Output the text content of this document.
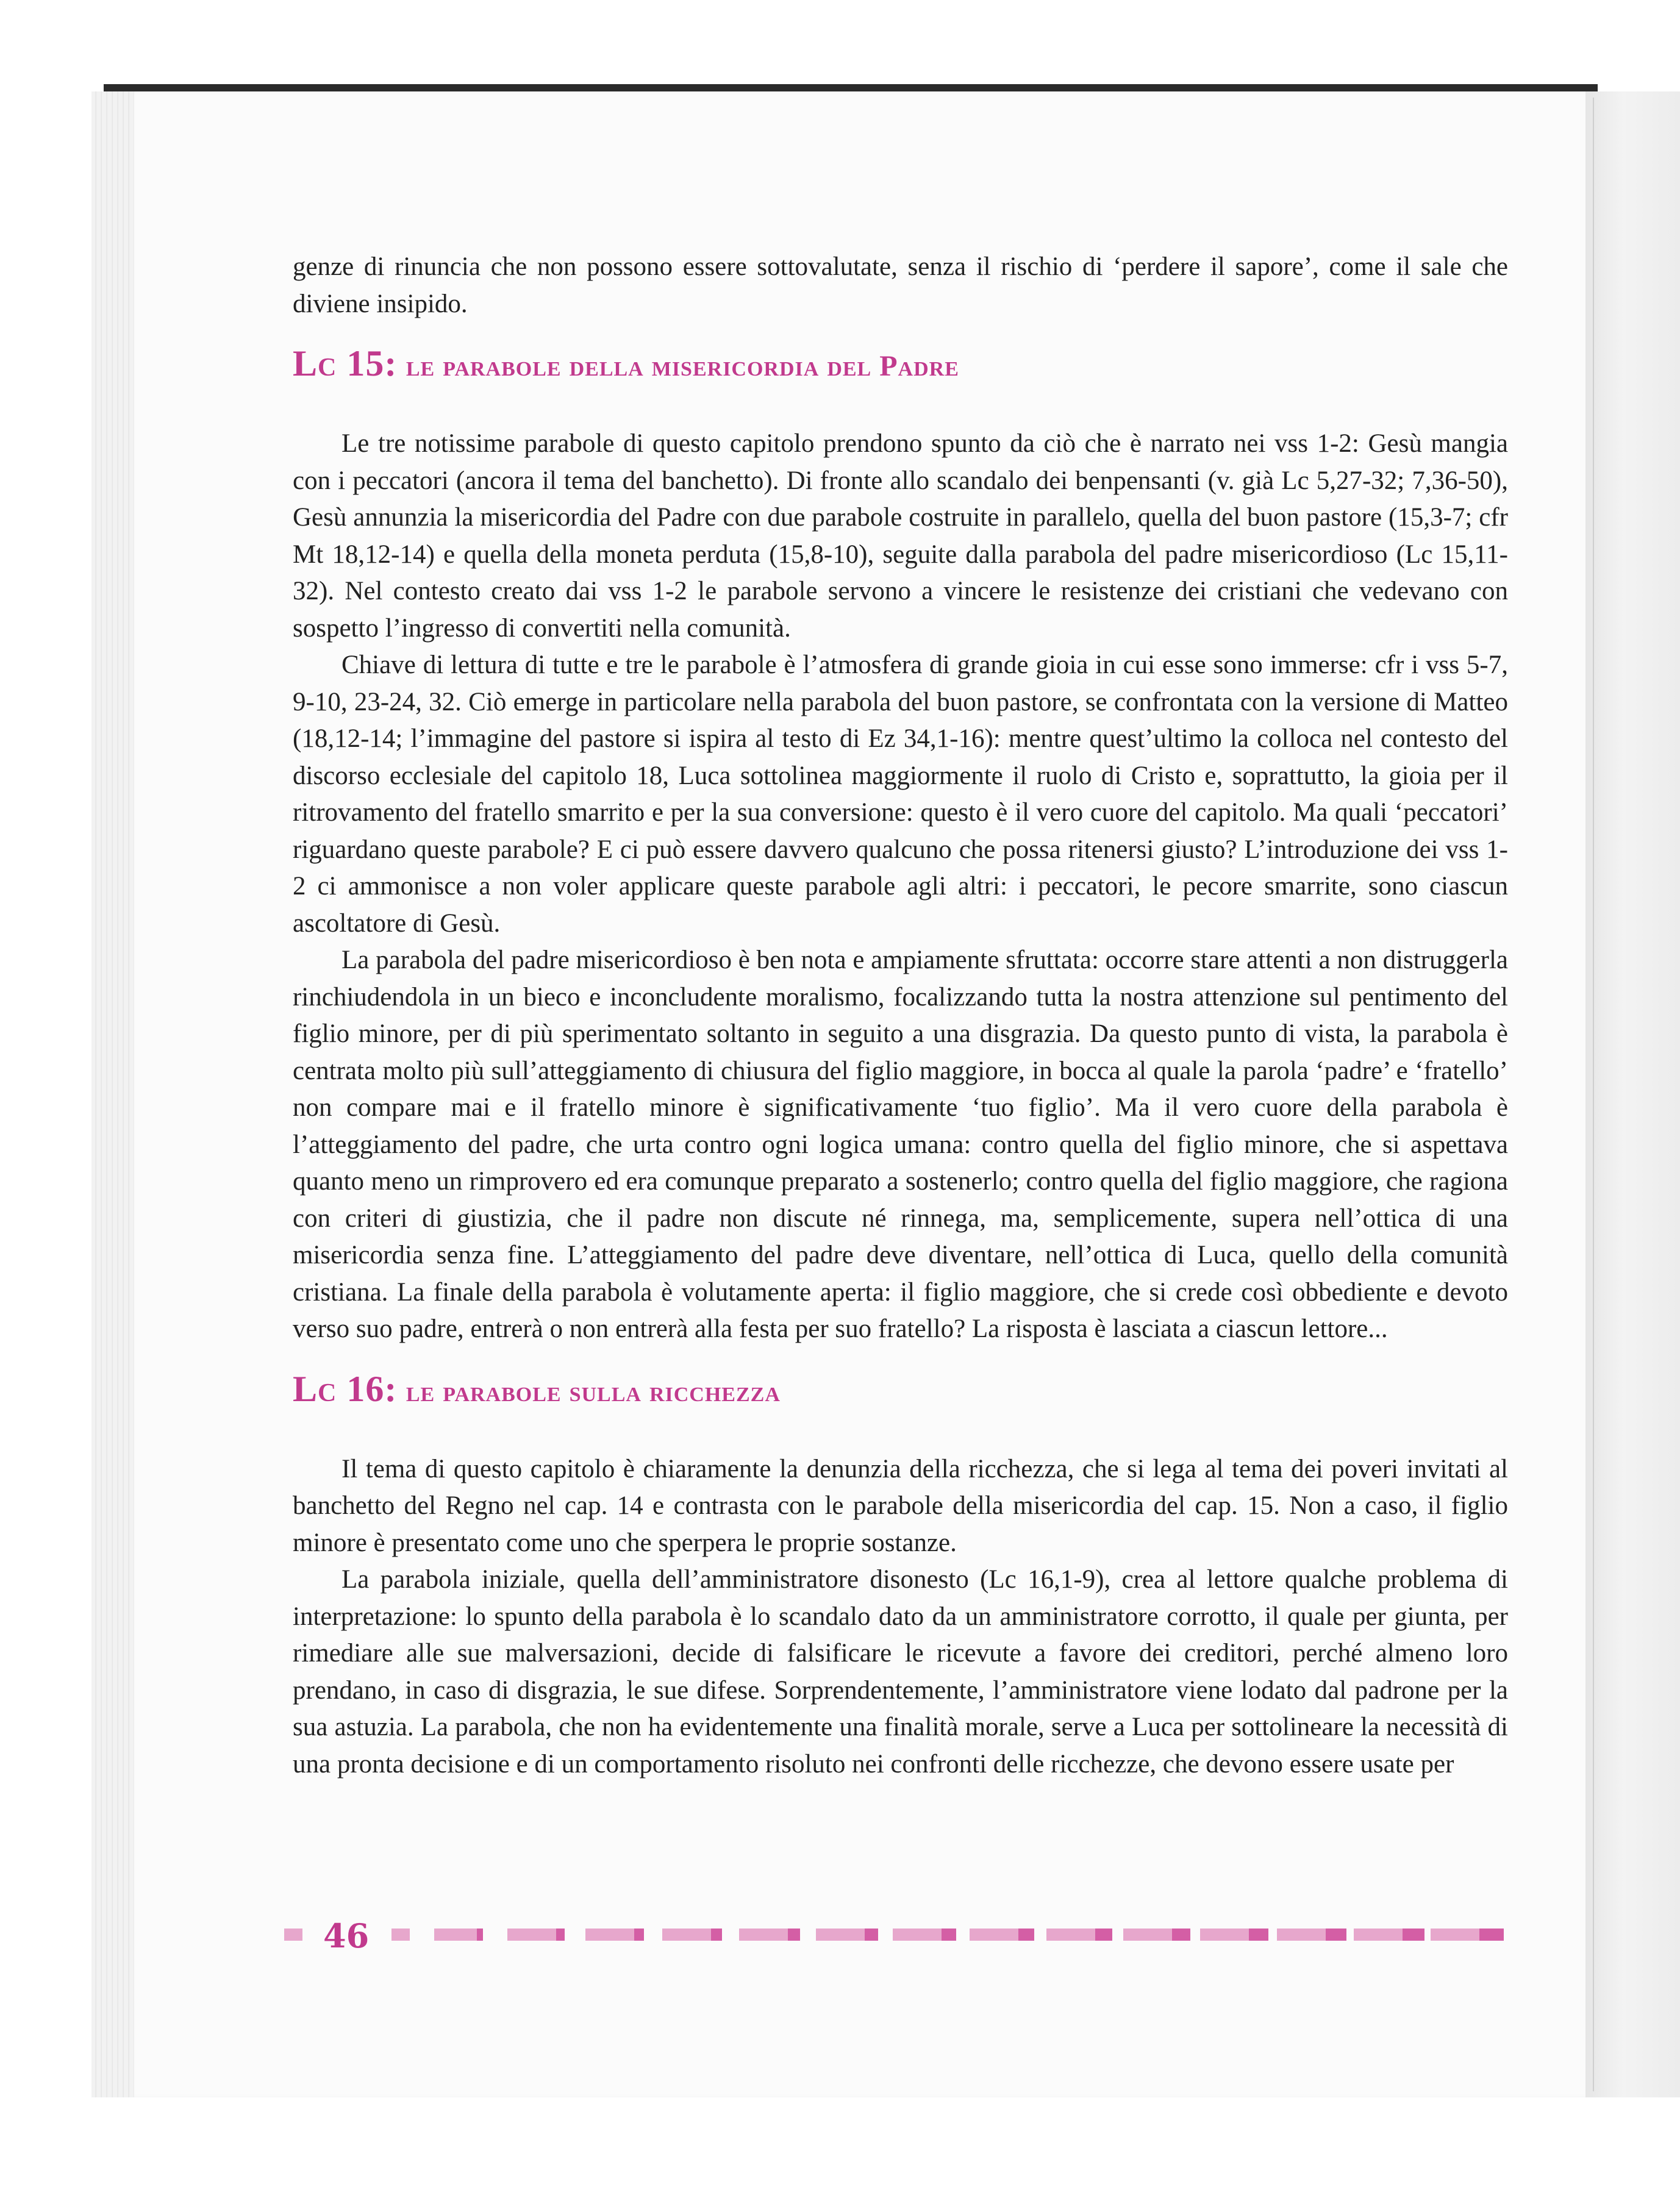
genze di rinuncia che non possono essere sottovalutate, senza il rischio di ‘perdere il sapore’, come il sale che diviene insipido.

Lc 15: le parabole della misericordia del Padre

Le tre notissime parabole di questo capitolo prendono spunto da ciò che è narrato nei vss 1-2: Gesù mangia con i peccatori (ancora il tema del banchetto). Di fronte allo scandalo dei benpensanti (v. già Lc 5,27-32; 7,36-50), Gesù annunzia la misericordia del Padre con due parabole costruite in parallelo, quella del buon pastore (15,3-7; cfr Mt 18,12-14) e quella della moneta perduta (15,8-10), seguite dalla parabola del padre misericordioso (Lc 15,11-32). Nel contesto creato dai vss 1-2 le parabole servono a vincere le resistenze dei cristiani che vedevano con sospetto l’ingresso di convertiti nella comunità.

Chiave di lettura di tutte e tre le parabole è l’atmosfera di grande gioia in cui esse sono immerse: cfr i vss 5-7, 9-10, 23-24, 32. Ciò emerge in particolare nella parabola del buon pastore, se confrontata con la versione di Matteo (18,12-14; l’immagine del pastore si ispira al testo di Ez 34,1-16): mentre quest’ultimo la colloca nel contesto del discorso ecclesiale del capitolo 18, Luca sottolinea maggiormente il ruolo di Cristo e, soprattutto, la gioia per il ritrovamento del fratello smarrito e per la sua conversione: questo è il vero cuore del capitolo. Ma quali ‘peccatori’ riguardano queste parabole? E ci può essere davvero qualcuno che possa ritenersi giusto? L’introduzione dei vss 1-2 ci ammonisce a non voler applicare queste parabole agli altri: i peccatori, le pecore smarrite, sono ciascun ascoltatore di Gesù.

La parabola del padre misericordioso è ben nota e ampiamente sfruttata: occorre stare attenti a non distruggerla rinchiudendola in un bieco e inconcludente moralismo, focalizzando tutta la nostra attenzione sul pentimento del figlio minore, per di più sperimentato soltanto in seguito a una disgrazia. Da questo punto di vista, la parabola è centrata molto più sull’atteggiamento di chiusura del figlio maggiore, in bocca al quale la parola ‘padre’ e ‘fratello’ non compare mai e il fratello minore è significativamente ‘tuo figlio’. Ma il vero cuore della parabola è l’atteggiamento del padre, che urta contro ogni logica umana: contro quella del figlio minore, che si aspettava quanto meno un rimprovero ed era comunque preparato a sostenerlo; contro quella del figlio maggiore, che ragiona con criteri di giustizia, che il padre non discute né rinnega, ma, semplicemente, supera nell’ottica di una misericordia senza fine. L’atteggiamento del padre deve diventare, nell’ottica di Luca, quello della comunità cristiana. La finale della parabola è volutamente aperta: il figlio maggiore, che si crede così obbediente e devoto verso suo padre, entrerà o non entrerà alla festa per suo fratello? La risposta è lasciata a ciascun lettore...

Lc 16: le parabole sulla ricchezza

Il tema di questo capitolo è chiaramente la denunzia della ricchezza, che si lega al tema dei poveri invitati al banchetto del Regno nel cap. 14 e contrasta con le parabole della misericordia del cap. 15. Non a caso, il figlio minore è presentato come uno che sperpera le proprie sostanze.

La parabola iniziale, quella dell’amministratore disonesto (Lc 16,1-9), crea al lettore qualche problema di interpretazione: lo spunto della parabola è lo scandalo dato da un amministratore corrotto, il quale per giunta, per rimediare alle sue malversazioni, decide di falsificare le ricevute a favore dei creditori, perché almeno loro prendano, in caso di disgrazia, le sue difese. Sorprendentemente, l’amministratore viene lodato dal padrone per la sua astuzia. La parabola, che non ha evidentemente una finalità morale, serve a Luca per sottolineare la necessità di una pronta decisione e di un comportamento risoluto nei confronti delle ricchezze, che devono essere usate per

46
